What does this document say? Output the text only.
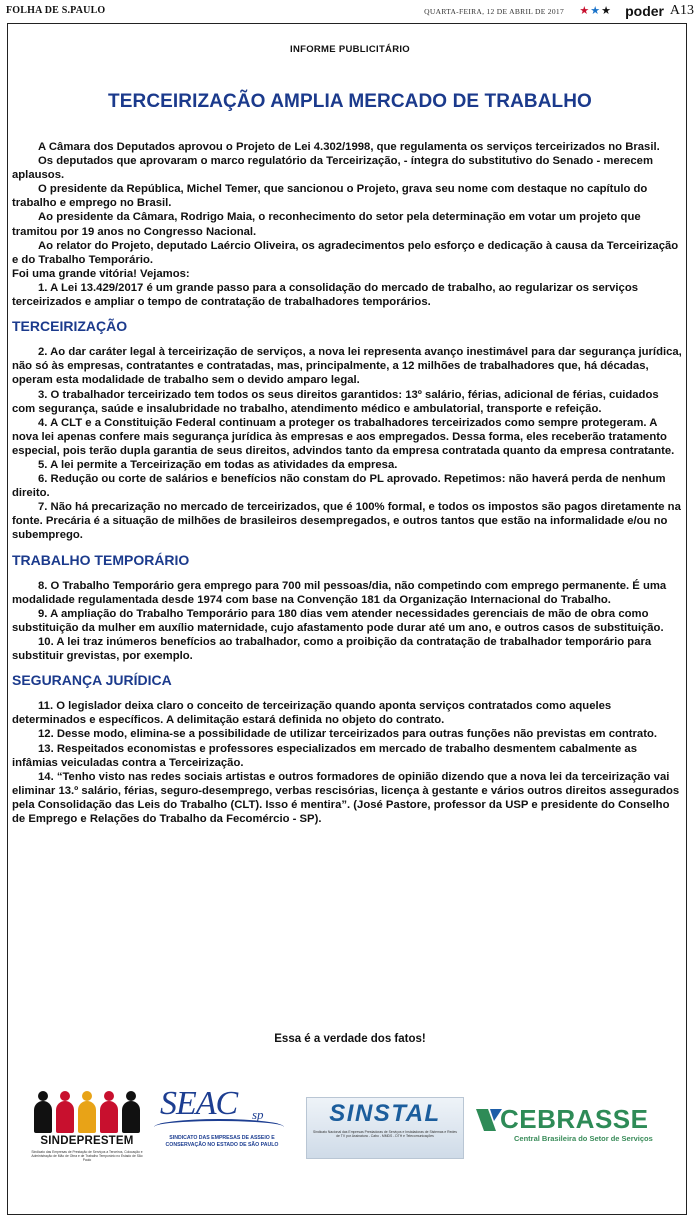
FOLHA DE S.PAULO	QUARTA-FEIRA, 12 DE ABRIL DE 2017 ★★★ poder A13
INFORME PUBLICITÁRIO
TERCEIRIZAÇÃO AMPLIA MERCADO DE TRABALHO

A Câmara dos Deputados aprovou o Projeto de Lei 4.302/1998, que regulamenta os serviços terceirizados no Brasil.

Os deputados que aprovaram o marco regulatório da Terceirização, - íntegra do substitutivo do Senado - merecem aplausos.

O presidente da República, Michel Temer, que sancionou o Projeto, grava seu nome com destaque no capítulo do trabalho e emprego no Brasil.

Ao presidente da Câmara, Rodrigo Maia, o reconhecimento do setor pela determinação em votar um projeto que tramitou por 19 anos no Congresso Nacional.

Ao relator do Projeto, deputado Laércio Oliveira, os agradecimentos pelo esforço e dedicação à causa da Terceirização e do Trabalho Temporário.

Foi uma grande vitória! Vejamos:

1. A Lei 13.429/2017 é um grande passo para a consolidação do mercado de trabalho, ao regularizar os serviços terceirizados e ampliar o tempo de contratação de trabalhadores temporários.

TERCEIRIZAÇÃO

2. Ao dar caráter legal à terceirização de serviços, a nova lei representa avanço inestimável para dar segurança jurídica, não só às empresas, contratantes e contratadas, mas, principalmente, a 12 milhões de trabalhadores que, há décadas, operam esta modalidade de trabalho sem o devido amparo legal.

3. O trabalhador terceirizado tem todos os seus direitos garantidos: 13º salário, férias, adicional de férias, cuidados com segurança, saúde e insalubridade no trabalho, atendimento médico e ambulatorial, transporte e refeição.

4. A CLT e a Constituição Federal continuam a proteger os trabalhadores terceirizados como sempre protegeram. A nova lei apenas confere mais segurança jurídica às empresas e aos empregados. Dessa forma, eles receberão tratamento especial, pois terão dupla garantia de seus direitos, advindos tanto da empresa contratada quanto da empresa contratante.

5. A lei permite a Terceirização em todas as atividades da empresa.

6. Redução ou corte de salários e benefícios não constam do PL aprovado. Repetimos: não haverá perda de nenhum direito.

7. Não há precarização no mercado de terceirizados, que é 100% formal, e todos os impostos são pagos diretamente na fonte. Precária é a situação de milhões de brasileiros desempregados, e outros tantos que estão na informalidade e/ou no subemprego.

TRABALHO TEMPORÁRIO

8. O Trabalho Temporário gera emprego para 700 mil pessoas/dia, não competindo com emprego permanente. É uma modalidade regulamentada desde 1974 com base na Convenção 181 da Organização Internacional do Trabalho.

9. A ampliação do Trabalho Temporário para 180 dias vem atender necessidades gerenciais de mão de obra como substituição da mulher em auxílio maternidade, cujo afastamento pode durar até um ano, e outros casos de substituição.

10. A lei traz inúmeros benefícios ao trabalhador, como a proibição da contratação de trabalhador temporário para substituir grevistas, por exemplo.

SEGURANÇA JURÍDICA

11. O legislador deixa claro o conceito de terceirização quando aponta serviços contratados como aqueles determinados e específicos. A delimitação estará definida no objeto do contrato.

12. Desse modo, elimina-se a possibilidade de utilizar terceirizados para outras funções não previstas em contrato.

13. Respeitados economistas e professores especializados em mercado de trabalho desmentem cabalmente as infâmias veiculadas contra a Terceirização.

14. “Tenho visto nas redes sociais artistas e outros formadores de opinião dizendo que a nova lei da terceirização vai eliminar 13.º salário, férias, seguro-desemprego, verbas rescisórias, licença à gestante e vários outros direitos assegurados pela Consolidação das Leis do Trabalho (CLT). Isso é mentira”. (José Pastore, professor da USP e presidente do Conselho de Emprego e Relações do Trabalho da Fecomércio - SP).

Essa é a verdade dos fatos!
SINDEPRESTEM
Sindicato das Empresas de Prestação de Serviços a Terceiros, Colocação e Administração de Mão de Obra e de Trabalho Temporário no Estado de São Paulo
SEAC sp
SINDICATO DAS EMPRESAS DE ASSEIO E CONSERVAÇÃO NO ESTADO DE SÃO PAULO
SINSTAL
Sindicato Nacional das Empresas Prestadoras de Serviços e Instaladoras de Sistemas e Redes de TV por Assinatura - Cabo - MMDS - DTH e Telecomunicações
CEBRASSE
Central Brasileira do Setor de Serviços
